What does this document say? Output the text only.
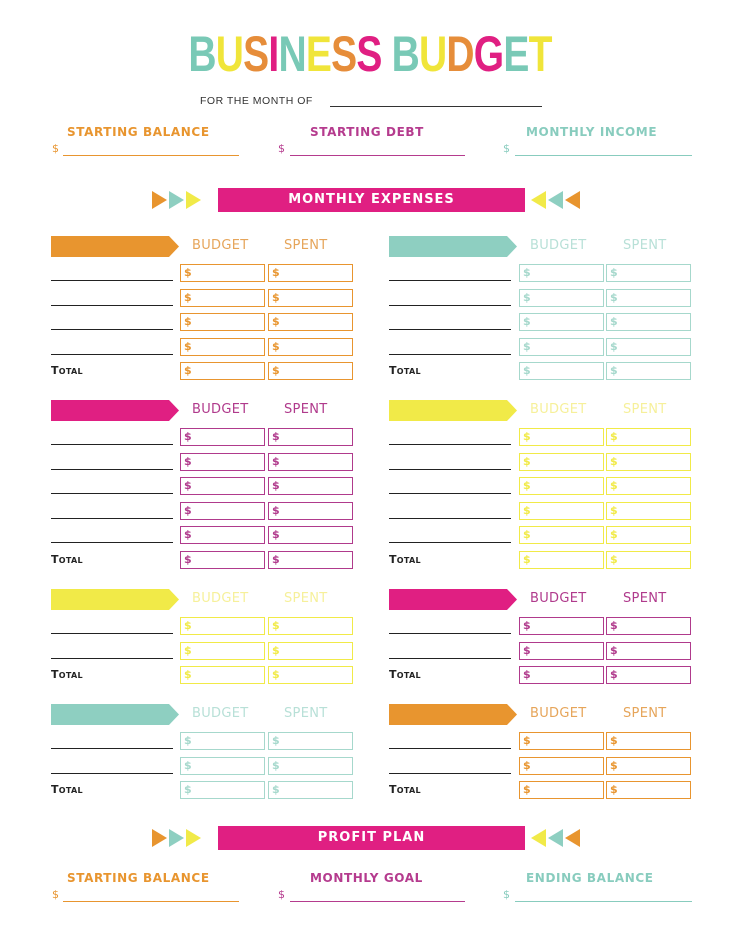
BUSINESS BUDGET
FOR THE MONTH OF
STARTING BALANCE
$
STARTING DEBT
$
MONTHLY INCOME
$
MONTHLY EXPENSES
BUDGET	SPENT
$	$
$	$
$	$
$	$
Total	$	$
BUDGET	SPENT
$	$
$	$
$	$
$	$
Total	$	$
BUDGET	SPENT
$	$
$	$
$	$
$	$
$	$
Total	$	$
BUDGET	SPENT
$	$
$	$
$	$
$	$
$	$
Total	$	$
BUDGET	SPENT
$	$
$	$
Total	$	$
BUDGET	SPENT
$	$
$	$
Total	$	$
BUDGET	SPENT
$	$
$	$
Total	$	$
BUDGET	SPENT
$	$
$	$
Total	$	$
PROFIT PLAN
STARTING BALANCE
$
MONTHLY GOAL
$
ENDING BALANCE
$
